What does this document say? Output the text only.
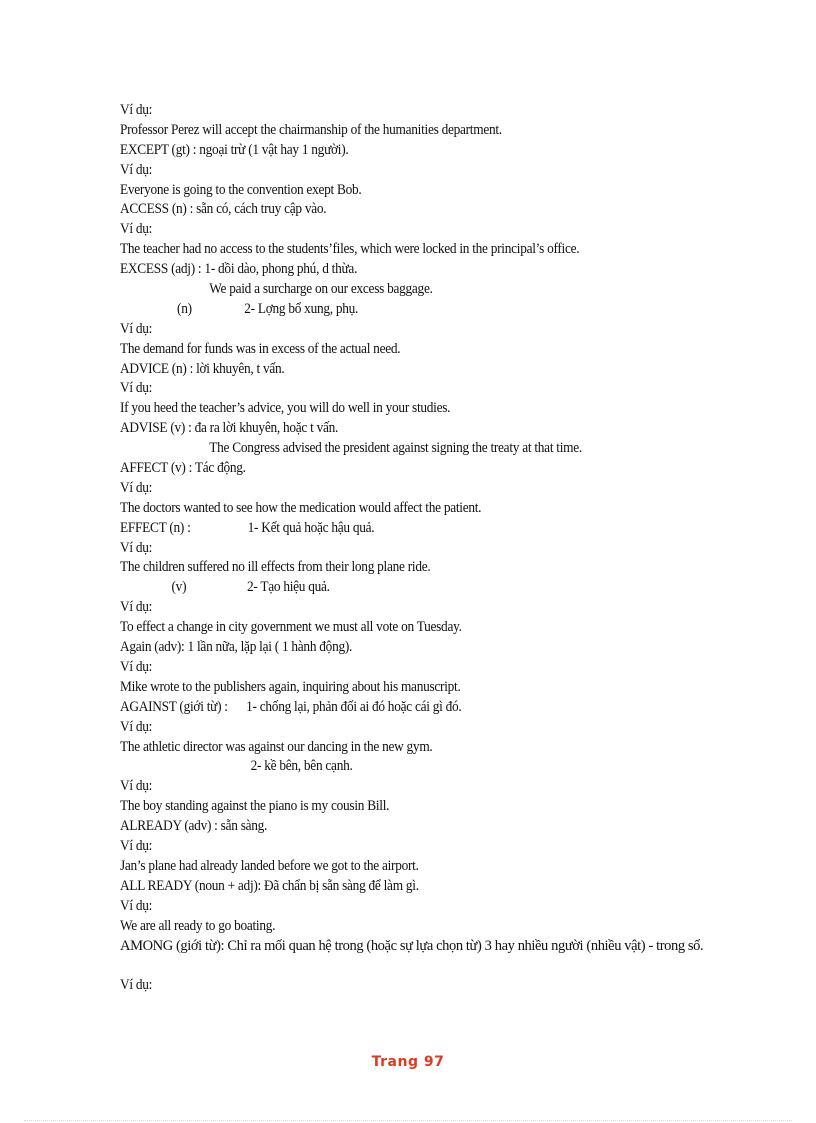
Ví dụ:
Professor Perez will accept the chairmanship of the humanities department.
EXCEPT (gt) : ngoại trừ (1 vật hay 1 người).
Ví dụ:
Everyone is going to the convention exept Bob.
ACCESS (n) : sẵn có, cách truy cập vào.
Ví dụ:
The teacher had no access to the students’files, which were locked in the principal’s office.
EXCESS (adj) : 1- dồi dào, phong phú, d thừa.
We paid a surcharge on our excess baggage.
(n)	2- Lợng bổ xung, phụ.
Ví dụ:
The demand for funds was in excess of the actual need.
ADVICE (n) : lời khuyên, t vấn.
Ví dụ:
If you heed the teacher’s advice, you will do well in your studies.
ADVISE (v) : đa ra lời khuyên, hoặc t vấn.
The Congress advised the president against signing the treaty at that time.
AFFECT (v) : Tác động.
Ví dụ:
The doctors wanted to see how the medication would affect the patient.
EFFECT (n) :	1- Kết quả hoặc hậu quả.
Ví dụ:
The children suffered no ill effects from their long plane ride.
(v)	2- Tạo hiệu quả.
Ví dụ:
To effect a change in city government we must all vote on Tuesday.
Again (adv): 1 lần nữa, lặp lại ( 1 hành động).
Ví dụ:
Mike wrote to the publishers again, inquiring about his manuscript.
AGAINST (giới từ) : 1- chống lại, phản đối ai đó hoặc cái gì đó.
Ví dụ:
The athletic director was against our dancing in the new gym.
2- kề bên, bên cạnh.
Ví dụ:
The boy standing against the piano is my cousin Bill.
ALREADY (adv) : sẵn sàng.
Ví dụ:
Jan’s plane had already landed before we got to the airport.
ALL READY (noun + adj): Đã chẩn bị sẵn sàng để làm gì.
Ví dụ:
We are all ready to go boating.
AMONG (giới từ): Chỉ ra mối quan hệ trong (hoặc sự lựa chọn từ) 3 hay nhiều người (nhiều vật) - trong số.
Ví dụ:
Trang 97
